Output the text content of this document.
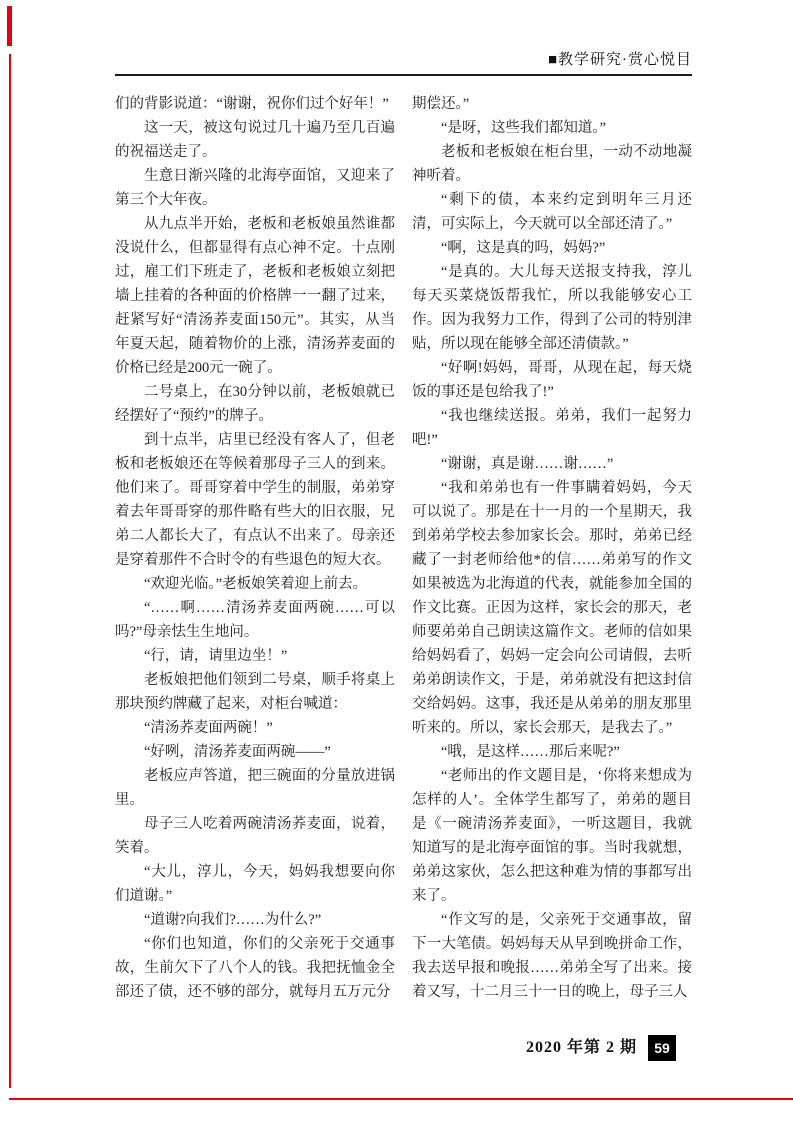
■教学研究·赏心悦目

们的背影说道：“谢谢，祝你们过个好年！”

这一天，被这句说过几十遍乃至几百遍的祝福送走了。

生意日渐兴隆的北海亭面馆，又迎来了第三个大年夜。

从九点半开始，老板和老板娘虽然谁都没说什么，但都显得有点心神不定。十点刚过，雇工们下班走了，老板和老板娘立刻把墙上挂着的各种面的价格牌一一翻了过来，赶紧写好“清汤荞麦面150元”。其实，从当年夏天起，随着物价的上涨，清汤荞麦面的价格已经是200元一碗了。

二号桌上，在30分钟以前，老板娘就已经摆好了“预约”的牌子。

到十点半，店里已经没有客人了，但老板和老板娘还在等候着那母子三人的到来。他们来了。哥哥穿着中学生的制服，弟弟穿着去年哥哥穿的那件略有些大的旧衣服，兄弟二人都长大了，有点认不出来了。母亲还是穿着那件不合时令的有些退色的短大衣。

“欢迎光临。”老板娘笑着迎上前去。

“……啊……清汤荞麦面两碗……可以吗?”母亲怯生生地问。

“行，请，请里边坐！”

老板娘把他们领到二号桌，顺手将桌上那块预约牌藏了起来，对柜台喊道：

“清汤荞麦面两碗！”

“好咧，清汤荞麦面两碗——”

老板应声答道，把三碗面的分量放进锅里。

母子三人吃着两碗清汤荞麦面，说着，笑着。

“大儿，淳儿，今天，妈妈我想要向你们道谢。”

“道谢?向我们?……为什么?”

“你们也知道，你们的父亲死于交通事故，生前欠下了八个人的钱。我把抚恤金全部还了债，还不够的部分，就每月五万元分

期偿还。”

“是呀，这些我们都知道。”

老板和老板娘在柜台里，一动不动地凝神听着。

“剩下的债，本来约定到明年三月还清，可实际上，今天就可以全部还清了。”

“啊，这是真的吗，妈妈?”

“是真的。大儿每天送报支持我，淳儿每天买菜烧饭帮我忙，所以我能够安心工作。因为我努力工作，得到了公司的特别津贴，所以现在能够全部还清债款。”

“好啊!妈妈，哥哥，从现在起，每天烧饭的事还是包给我了!”

“我也继续送报。弟弟，我们一起努力吧!”

“谢谢，真是谢……谢……”

“我和弟弟也有一件事瞒着妈妈，今天可以说了。那是在十一月的一个星期天，我到弟弟学校去参加家长会。那时，弟弟已经藏了一封老师给他*的信……弟弟写的作文如果被选为北海道的代表，就能参加全国的作文比赛。正因为这样，家长会的那天，老师要弟弟自己朗读这篇作文。老师的信如果给妈妈看了，妈妈一定会向公司请假，去听弟弟朗读作文，于是，弟弟就没有把这封信交给妈妈。这事，我还是从弟弟的朋友那里听来的。所以，家长会那天，是我去了。”

“哦，是这样……那后来呢?”

“老师出的作文题目是，‘你将来想成为怎样的人’。全体学生都写了，弟弟的题目是《一碗清汤荞麦面》，一听这题目，我就知道写的是北海亭面馆的事。当时我就想，弟弟这家伙，怎么把这种难为情的事都写出来了。

“作文写的是，父亲死于交通事故，留下一大笔债。妈妈每天从早到晚拼命工作，我去送早报和晚报……弟弟全写了出来。接着又写，十二月三十一日的晚上，母子三人

2020 年第 2 期	59
